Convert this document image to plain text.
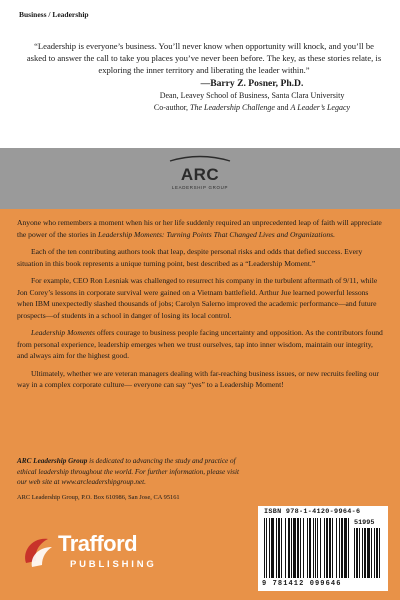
Business / Leadership
“Leadership is everyone’s business. You’ll never know when opportunity will knock, and you’ll be asked to answer the call to take you places you’ve never been before. The key, as these stories relate, is exploring the inner territory and liberating the leader within.”
—Barry Z. Posner, Ph.D.
Dean, Leavey School of Business, Santa Clara University
Co-author, The Leadership Challenge and A Leader’s Legacy
ARC
LEADERSHIP GROUP

Anyone who remembers a moment when his or her life suddenly required an unprecedented leap of faith will appreciate the power of the stories in Leadership Moments: Turning Points That Changed Lives and Organizations.

Each of the ten contributing authors took that leap, despite personal risks and odds that defied success. Every situation in this book represents a unique turning point, best described as a “Leadership Moment.”

For example, CEO Ron Lesniak was challenged to resurrect his company in the turbulent aftermath of 9/11, while Jon Corey’s lessons in corporate survival were gained on a Vietnam battlefield. Arthur Jue learned powerful lessons when IBM unexpectedly slashed thousands of jobs; Carolyn Salerno improved the academic performance—and future prospects—of students in a school in danger of losing its local control.

Leadership Moments offers courage to business people facing uncertainty and opposition. As the contributors found from personal experience, leadership emerges when we trust ourselves, tap into inner wisdom, maintain our integrity, and always aim for the highest good.

Ultimately, whether we are veteran managers dealing with far-reaching business issues, or new recruits feeling our way in a complex corporate culture— everyone can say “yes” to a Leadership Moment!

ARC Leadership Group is dedicated to advancing the study and practice of ethical leadership throughout the world. For further information, please visit our web site at www.arcleadershipgroup.net.
ARC Leadership Group, P.O. Box 610986, San Jose, CA 95161
Trafford
PUBLISHING
ISBN 978-1-4120-9964-6
51995
9 781412 099646
